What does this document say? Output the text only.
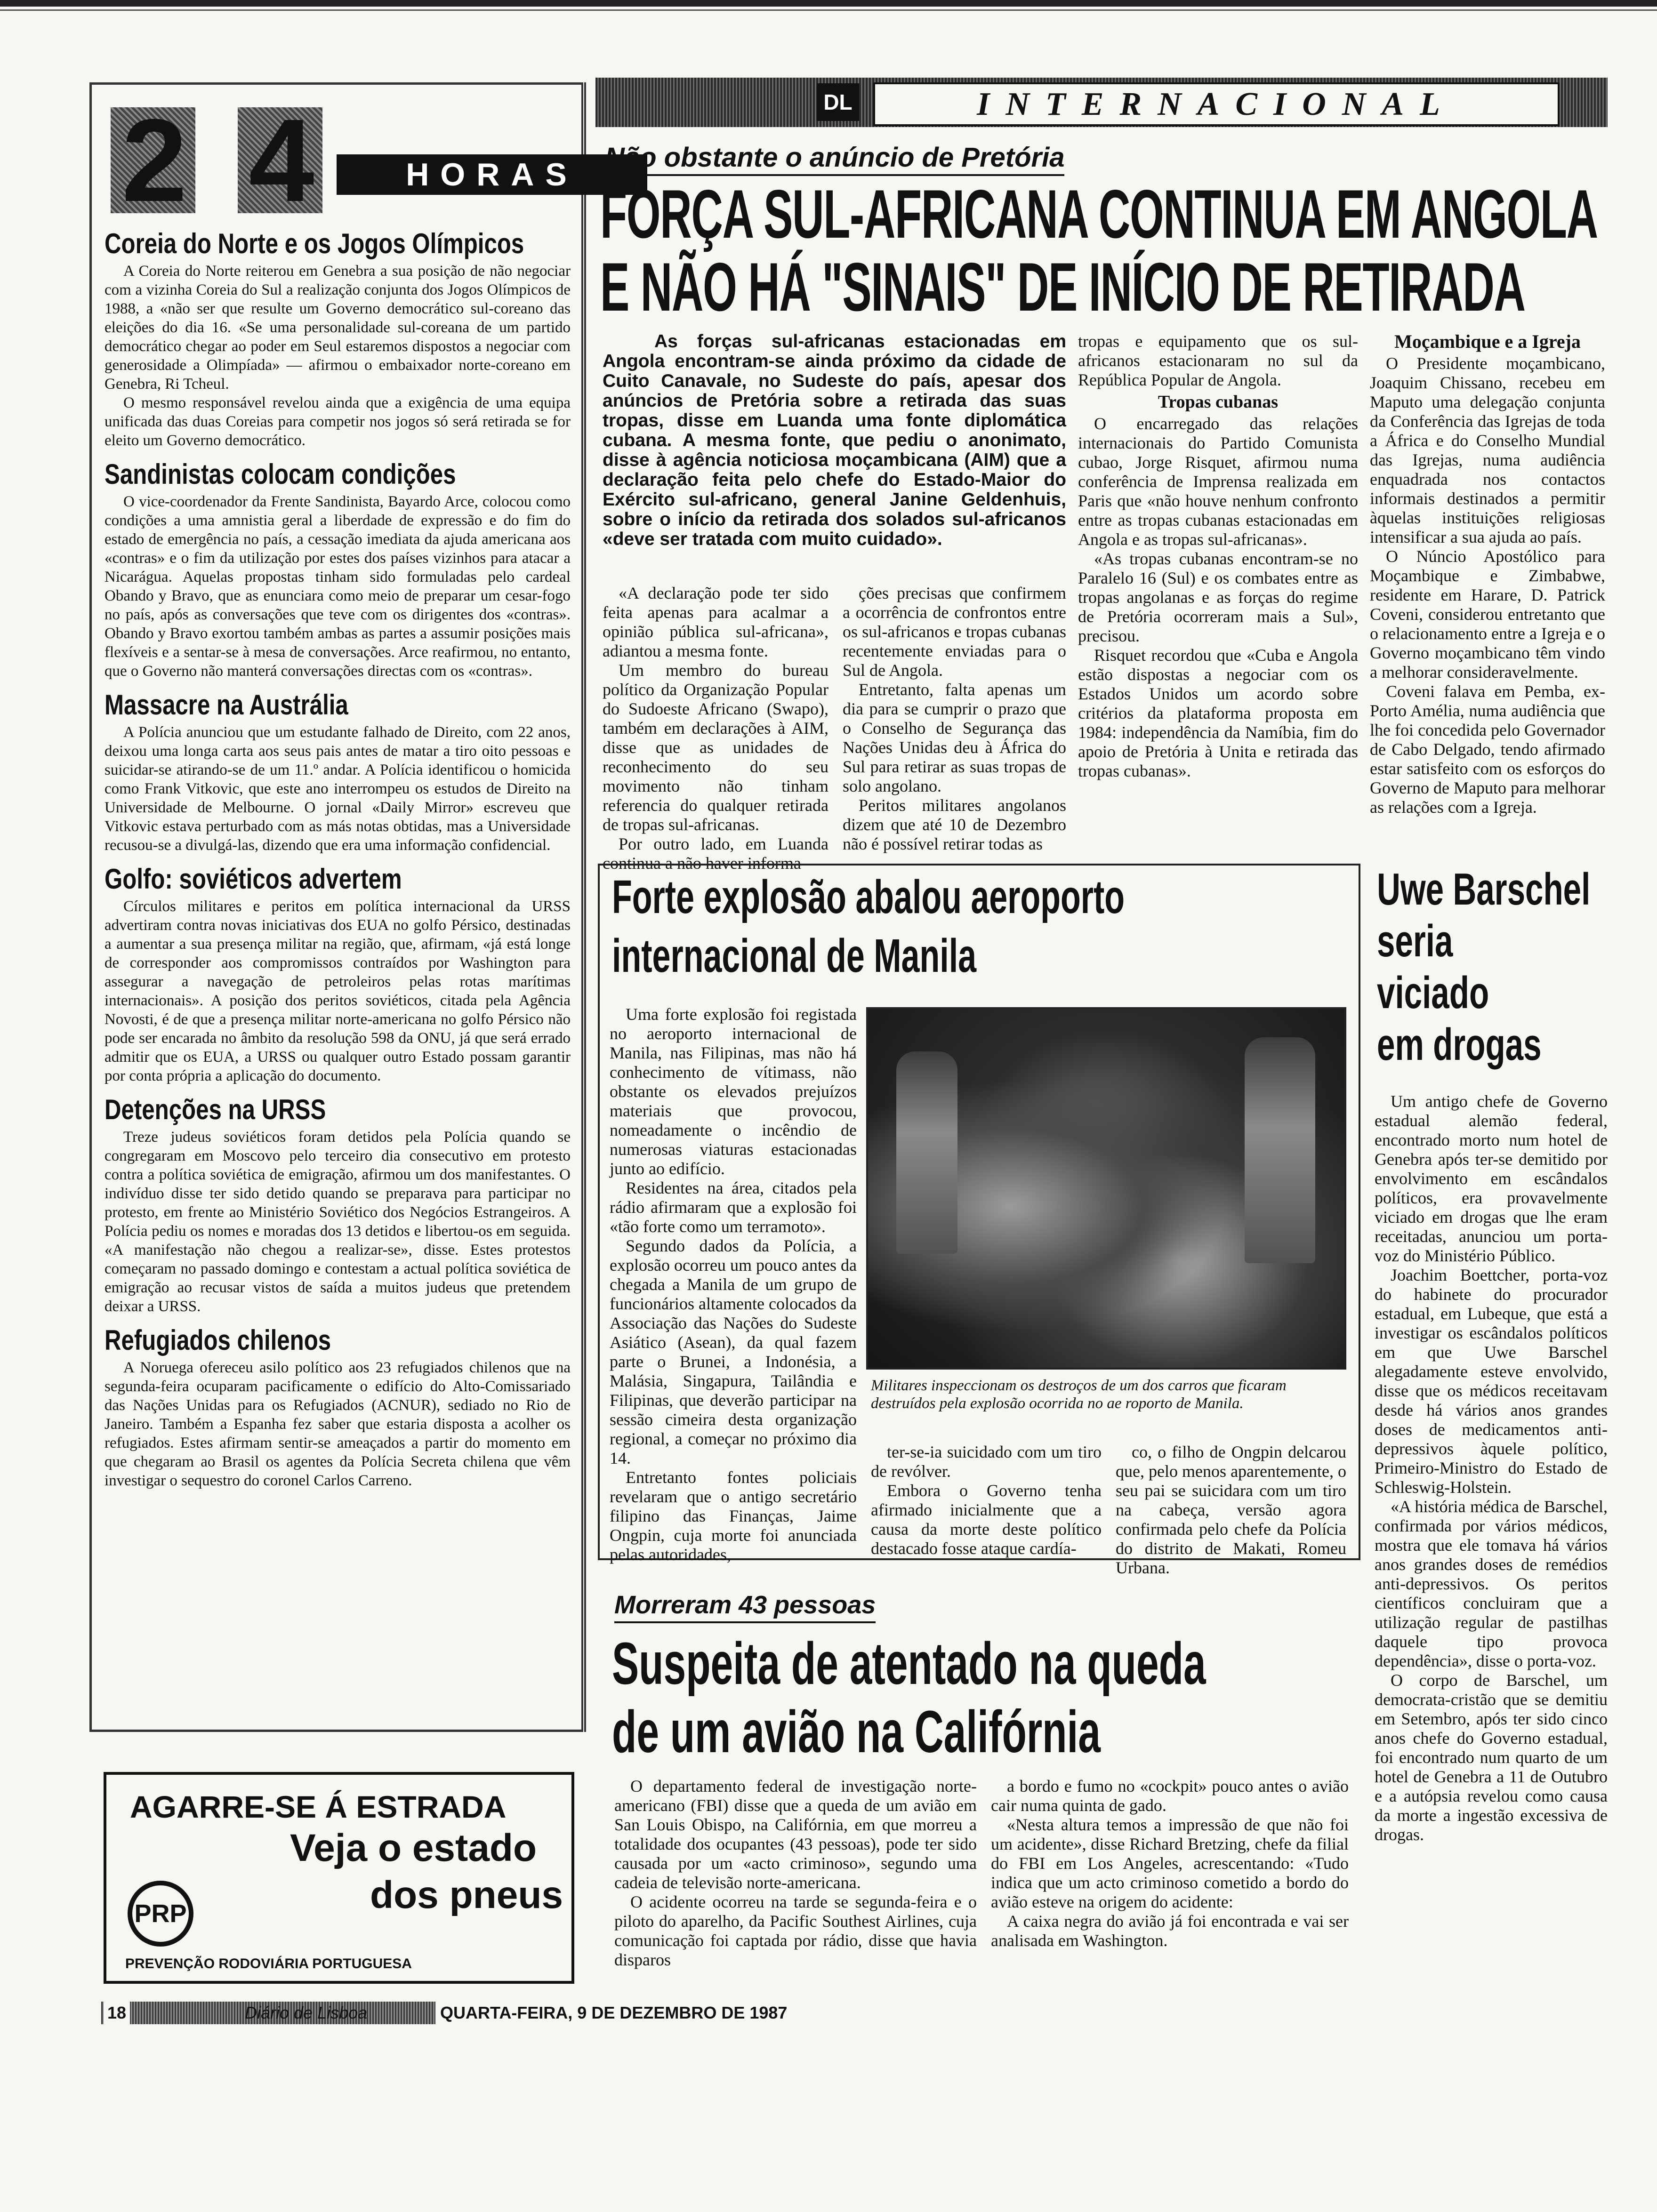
2 4	HORAS
Coreia do Norte e os Jogos Olímpicos

A Coreia do Norte reiterou em Genebra a sua posição de não negociar com a vizinha Coreia do Sul a realização conjunta dos Jogos Olímpicos de 1988, a «não ser que resulte um Governo democrático sul-coreano das eleições do dia 16. «Se uma personalidade sul-coreana de um partido democrático chegar ao poder em Seul estaremos dispostos a negociar com generosidade a Olimpíada» — afirmou o embaixador norte-coreano em Genebra, Ri Tcheul.

O mesmo responsável revelou ainda que a exigência de uma equipa unificada das duas Coreias para competir nos jogos só será retirada se for eleito um Governo democrático.

Sandinistas colocam condições

O vice-coordenador da Frente Sandinista, Bayardo Arce, colocou como condições a uma amnistia geral a liberdade de expressão e do fim do estado de emergência no país, a cessação imediata da ajuda americana aos «contras» e o fim da utilização por estes dos países vizinhos para atacar a Nicarágua. Aquelas propostas tinham sido formuladas pelo cardeal Obando y Bravo, que as enunciara como meio de preparar um cesar-fogo no país, após as conversações que teve com os dirigentes dos «contras». Obando y Bravo exortou também ambas as partes a assumir posições mais flexíveis e a sentar-se à mesa de conversações. Arce reafirmou, no entanto, que o Governo não manterá conversações directas com os «contras».

Massacre na Austrália

A Polícia anunciou que um estudante falhado de Direito, com 22 anos, deixou uma longa carta aos seus pais antes de matar a tiro oito pessoas e suicidar-se atirando-se de um 11.º andar. A Polícia identificou o homicida como Frank Vitkovic, que este ano interrompeu os estudos de Direito na Universidade de Melbourne. O jornal «Daily Mirror» escreveu que Vitkovic estava perturbado com as más notas obtidas, mas a Universidade recusou-se a divulgá-las, dizendo que era uma informação confidencial.

Golfo: soviéticos advertem

Círculos militares e peritos em política internacional da URSS advertiram contra novas iniciativas dos EUA no golfo Pérsico, destinadas a aumentar a sua presença militar na região, que, afirmam, «já está longe de corresponder aos compromissos contraídos por Washington para assegurar a navegação de petroleiros pelas rotas marítimas internacionais». A posição dos peritos soviéticos, citada pela Agência Novosti, é de que a presença militar norte-americana no golfo Pérsico não pode ser encarada no âmbito da resolução 598 da ONU, já que será errado admitir que os EUA, a URSS ou qualquer outro Estado possam garantir por conta própria a aplicação do documento.

Detenções na URSS

Treze judeus soviéticos foram detidos pela Polícia quando se congregaram em Moscovo pelo terceiro dia consecutivo em protesto contra a política soviética de emigração, afirmou um dos manifestantes. O indivíduo disse ter sido detido quando se preparava para participar no protesto, em frente ao Ministério Soviético dos Negócios Estrangeiros. A Polícia pediu os nomes e moradas dos 13 detidos e libertou-os em seguida. «A manifestação não chegou a realizar-se», disse. Estes protestos começaram no passado domingo e contestam a actual política soviética de emigração ao recusar vistos de saída a muitos judeus que pretendem deixar a URSS.

Refugiados chilenos

A Noruega ofereceu asilo político aos 23 refugiados chilenos que na segunda-feira ocuparam pacificamente o edifício do Alto-Comissariado das Nações Unidas para os Refugiados (ACNUR), sediado no Rio de Janeiro. Também a Espanha fez saber que estaria disposta a acolher os refugiados. Estes afirmam sentir-se ameaçados a partir do momento em que chegaram ao Brasil os agentes da Polícia Secreta chilena que vêm investigar o sequestro do coronel Carlos Carreno.

AGARRE-SE Á ESTRADA
Veja o estado
dos pneus
PRP
PREVENÇÃO RODOVIÁRIA PORTUGUESA
DL	INTERNACIONAL
Não obstante o anúncio de Pretória
FORÇA SUL-AFRICANA CONTINUA EM ANGOLA
E NÃO HÁ "SINAIS" DE INÍCIO DE RETIRADA

As forças sul-africanas estacionadas em Angola encontram-se ainda próximo da cidade de Cuito Canavale, no Sudeste do país, apesar dos anúncios de Pretória sobre a retirada das suas tropas, disse em Luanda uma fonte diplomática cubana. A mesma fonte, que pediu o anonimato, disse à agência noticiosa moçambicana (AIM) que a declaração feita pelo chefe do Estado-Maior do Exército sul-africano, general Janine Geldenhuis, sobre o início da retirada dos solados sul-africanos «deve ser tratada com muito cuidado».

«A declaração pode ter sido feita apenas para acalmar a opinião pública sul-africana», adiantou a mesma fonte.

Um membro do bureau político da Organização Popular do Sudoeste Africano (Swapo), também em declarações à AIM, disse que as unidades de reconhecimento do seu movimento não tinham referencia do qualquer retirada de tropas sul-africanas.

Por outro lado, em Luanda continua a não haver informa-

ções precisas que confirmem a ocorrência de confrontos entre os sul-africanos e tropas cubanas recentemente enviadas para o Sul de Angola.

Entretanto, falta apenas um dia para se cumprir o prazo que o Conselho de Segurança das Nações Unidas deu à África do Sul para retirar as suas tropas de solo angolano.

Peritos militares angolanos dizem que até 10 de Dezembro não é possível retirar todas as

tropas e equipamento que os sul-africanos estacionaram no sul da República Popular de Angola.

Tropas cubanas

O encarregado das relações internacionais do Partido Comunista cubao, Jorge Risquet, afirmou numa conferência de Imprensa realizada em Paris que «não houve nenhum confronto entre as tropas cubanas estacionadas em Angola e as tropas sul-africanas».

«As tropas cubanas encontram-se no Paralelo 16 (Sul) e os combates entre as tropas angolanas e as forças do regime de Pretória ocorreram mais a Sul», precisou.

Risquet recordou que «Cuba e Angola estão dispostas a negociar com os Estados Unidos um acordo sobre critérios da plataforma proposta em 1984: independência da Namíbia, fim do apoio de Pretória à Unita e retirada das tropas cubanas».

Moçambique e a Igreja

O Presidente moçambicano, Joaquim Chissano, recebeu em Maputo uma delegação conjunta da Conferência das Igrejas de toda a África e do Conselho Mundial das Igrejas, numa audiência enquadrada nos contactos informais destinados a permitir àquelas instituições religiosas intensificar a sua ajuda ao país.

O Núncio Apostólico para Moçambique e Zimbabwe, residente em Harare, D. Patrick Coveni, considerou entretanto que o relacionamento entre a Igreja e o Governo moçambicano têm vindo a melhorar consideravelmente.

Coveni falava em Pemba, ex-Porto Amélia, numa audiência que lhe foi concedida pelo Governador de Cabo Delgado, tendo afirmado estar satisfeito com os esforços do Governo de Maputo para melhorar as relações com a Igreja.

Forte explosão abalou aeroporto
internacional de Manila

Uma forte explosão foi registada no aeroporto internacional de Manila, nas Filipinas, mas não há conhecimento de vítimass, não obstante os elevados prejuízos materiais que provocou, nomeadamente o incêndio de numerosas viaturas estacionadas junto ao edifício.

Residentes na área, citados pela rádio afirmaram que a explosão foi «tão forte como um terramoto».

Segundo dados da Polícia, a explosão ocorreu um pouco antes da chegada a Manila de um grupo de funcionários altamente colocados da Associação das Nações do Sudeste Asiático (Asean), da qual fazem parte o Brunei, a Indonésia, a Malásia, Singapura, Tailândia e Filipinas, que deverão participar na sessão cimeira desta organização regional, a começar no próximo dia 14.

Entretanto fontes policiais revelaram que o antigo secretário filipino das Finanças, Jaime Ongpin, cuja morte foi anunciada pelas autoridades,

Militares inspeccionam os destroços de um dos carros que ficaram destruídos pela explosão ocorrida no ae roporto de Manila.

ter-se-ia suicidado com um tiro de revólver.

Embora o Governo tenha afirmado inicialmente que a causa da morte deste político destacado fosse ataque cardía-

co, o filho de Ongpin delcarou que, pelo menos aparentemente, o seu pai se suicidara com um tiro na cabeça, versão agora confirmada pelo chefe da Polícia do distrito de Makati, Romeu Urbana.

Uwe Barschel
seria
viciado
em drogas

Um antigo chefe de Governo estadual alemão federal, encontrado morto num hotel de Genebra após ter-se demitido por envolvimento em escândalos políticos, era provavelmente viciado em drogas que lhe eram receitadas, anunciou um porta-voz do Ministério Público.

Joachim Boettcher, porta-voz do habinete do procurador estadual, em Lubeque, que está a investigar os escândalos políticos em que Uwe Barschel alegadamente esteve envolvido, disse que os médicos receitavam desde há vários anos grandes doses de medicamentos anti-depressivos àquele político, Primeiro-Ministro do Estado de Schleswig-Holstein.

«A história médica de Barschel, confirmada por vários médicos, mostra que ele tomava há vários anos grandes doses de remédios anti-depressivos. Os peritos científicos concluiram que a utilização regular de pastilhas daquele tipo provoca dependência», disse o porta-voz.

O corpo de Barschel, um democrata-cristão que se demitiu em Setembro, após ter sido cinco anos chefe do Governo estadual, foi encontrado num quarto de um hotel de Genebra a 11 de Outubro e a autópsia revelou como causa da morte a ingestão excessiva de drogas.

Morreram 43 pessoas
Suspeita de atentado na queda
de um avião na Califórnia

O departamento federal de investigação norte-americano (FBI) disse que a queda de um avião em San Louis Obispo, na Califórnia, em que morreu a totalidade dos ocupantes (43 pessoas), pode ter sido causada por um «acto criminoso», segundo uma cadeia de televisão norte-americana.

O acidente ocorreu na tarde se segunda-feira e o piloto do aparelho, da Pacific Southest Airlines, cuja comunicação foi captada por rádio, disse que havia disparos

a bordo e fumo no «cockpit» pouco antes o avião cair numa quinta de gado.

«Nesta altura temos a impressão de que não foi um acidente», disse Richard Bretzing, chefe da filial do FBI em Los Angeles, acrescentando: «Tudo indica que um acto criminoso cometido a bordo do avião esteve na origem do acidente:

A caixa negra do avião já foi encontrada e vai ser analisada em Washington.

18	Diário de Lisboa	QUARTA-FEIRA, 9 DE DEZEMBRO DE 1987
